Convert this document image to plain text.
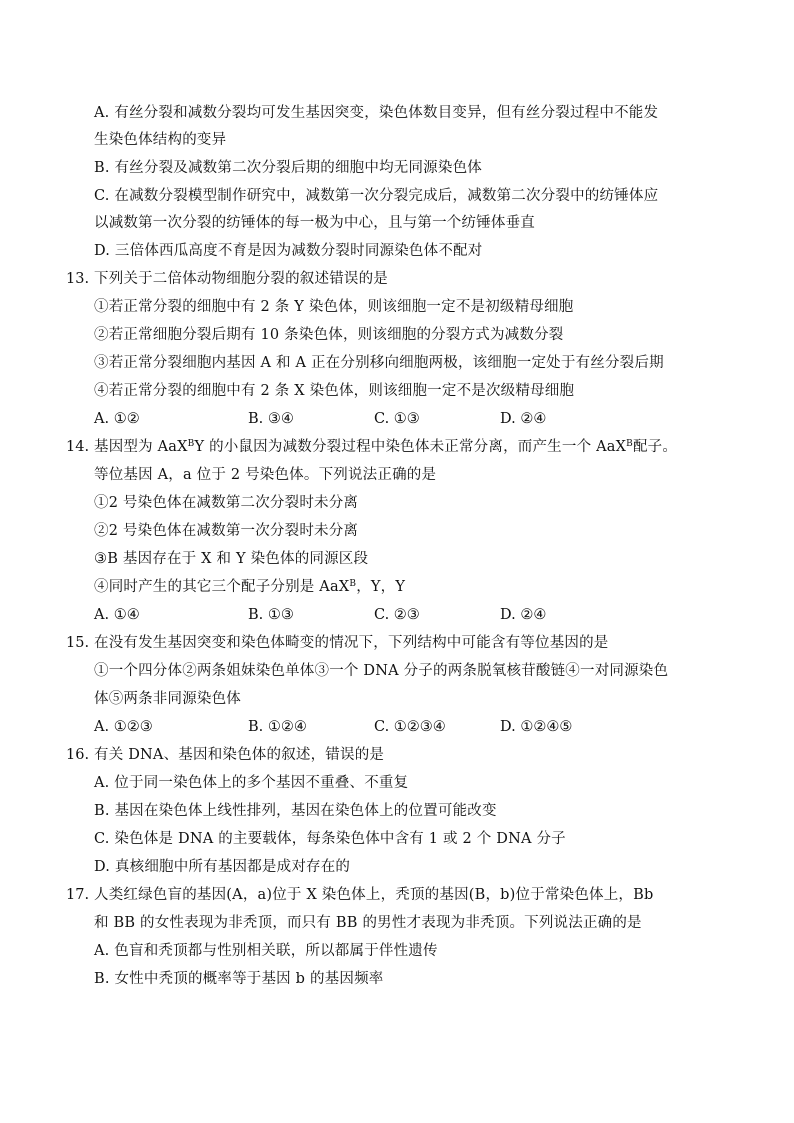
A. 有丝分裂和减数分裂均可发生基因突变，染色体数目变异，但有丝分裂过程中不能发
生染色体结构的变异
B. 有丝分裂及减数第二次分裂后期的细胞中均无同源染色体
C. 在减数分裂模型制作研究中，减数第一次分裂完成后，减数第二次分裂中的纺锤体应
以减数第一次分裂的纺锤体的每一极为中心，且与第一个纺锤体垂直
D. 三倍体西瓜高度不育是因为减数分裂时同源染色体不配对
13. 下列关于二倍体动物细胞分裂的叙述错误的是
①若正常分裂的细胞中有 2 条 Y 染色体，则该细胞一定不是初级精母细胞
②若正常细胞分裂后期有 10 条染色体，则该细胞的分裂方式为减数分裂
③若正常分裂细胞内基因 A 和 A 正在分别移向细胞两极，该细胞一定处于有丝分裂后期
④若正常分裂的细胞中有 2 条 X 染色体，则该细胞一定不是次级精母细胞
A. ①②	B. ③④	C. ①③	D. ②④
14. 基因型为 AaX$^B$Y 的小鼠因为减数分裂过程中染色体未正常分离，而产生一个 AaX$^B$配子。
等位基因 A，a 位于 2 号染色体。下列说法正确的是
①2 号染色体在减数第二次分裂时未分离
②2 号染色体在减数第一次分裂时未分离
③B 基因存在于 X 和 Y 染色体的同源区段
④同时产生的其它三个配子分别是 AaX$^B$，Y，Y
A. ①④	B. ①③	C. ②③	D. ②④
15. 在没有发生基因突变和染色体畸变的情况下，下列结构中可能含有等位基因的是
①一个四分体②两条姐妹染色单体③一个 DNA 分子的两条脱氧核苷酸链④一对同源染色
体⑤两条非同源染色体
A. ①②③	B. ①②④	C. ①②③④	D. ①②④⑤
16. 有关 DNA、基因和染色体的叙述，错误的是
A. 位于同一染色体上的多个基因不重叠、不重复
B. 基因在染色体上线性排列，基因在染色体上的位置可能改变
C. 染色体是 DNA 的主要载体，每条染色体中含有 1 或 2 个 DNA 分子
D. 真核细胞中所有基因都是成对存在的
17. 人类红绿色盲的基因(A，a)位于 X 染色体上，秃顶的基因(B，b)位于常染色体上，Bb
和 BB 的女性表现为非秃顶，而只有 BB 的男性才表现为非秃顶。下列说法正确的是
A. 色盲和秃顶都与性别相关联，所以都属于伴性遗传
B. 女性中秃顶的概率等于基因 b 的基因频率
